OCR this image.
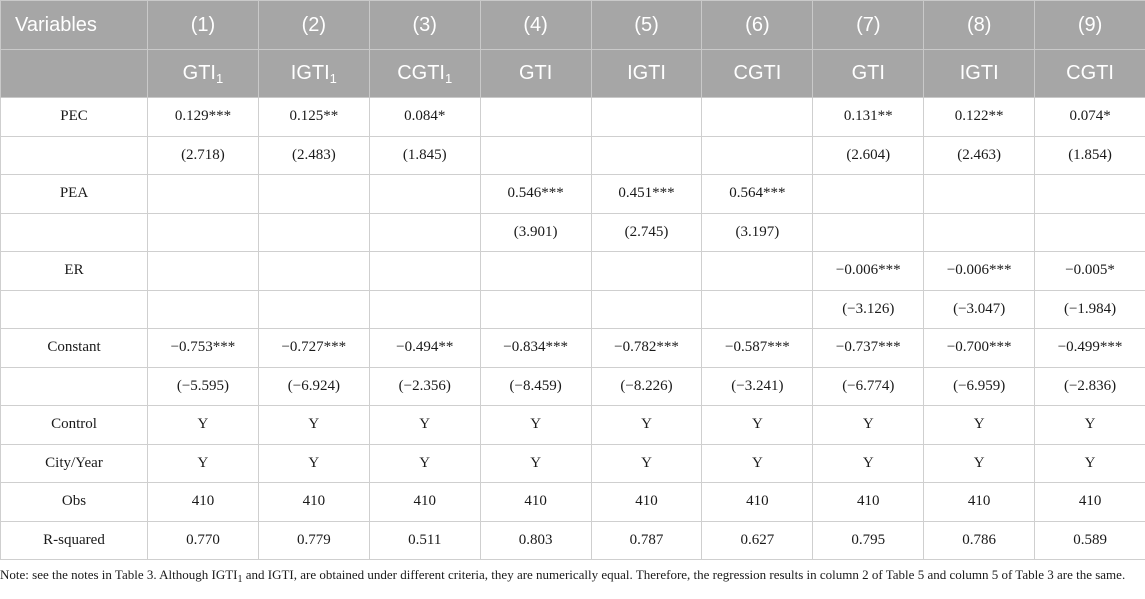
Variables	(1)	(2)	(3)	(4)	(5)	(6)	(7)	(8)	(9)
	$GTI_1$	$IGTI_1$	$CGTI_1$	GTI	IGTI	CGTI	GTI	IGTI	CGTI
PEC	0.129***	0.125**	0.084*				0.131**	0.122**	0.074*
	(2.718)	(2.483)	(1.845)				(2.604)	(2.463)	(1.854)
PEA				0.546***	0.451***	0.564***			
				(3.901)	(2.745)	(3.197)			
ER							−0.006***	−0.006***	−0.005*
							(−3.126)	(−3.047)	(−1.984)
Constant	−0.753***	−0.727***	−0.494**	−0.834***	−0.782***	−0.587***	−0.737***	−0.700***	−0.499***
	(−5.595)	(−6.924)	(−2.356)	(−8.459)	(−8.226)	(−3.241)	(−6.774)	(−6.959)	(−2.836)
Control	Y	Y	Y	Y	Y	Y	Y	Y	Y
City/Year	Y	Y	Y	Y	Y	Y	Y	Y	Y
Obs	410	410	410	410	410	410	410	410	410
R-squared	0.770	0.779	0.511	0.803	0.787	0.627	0.795	0.786	0.589
Note: see the notes in Table 3. Although $IGTI_1$ and IGTI, are obtained under different criteria, they are numerically equal. Therefore, the regression results in column 2 of Table 5 and column 5 of Table 3 are the same.
